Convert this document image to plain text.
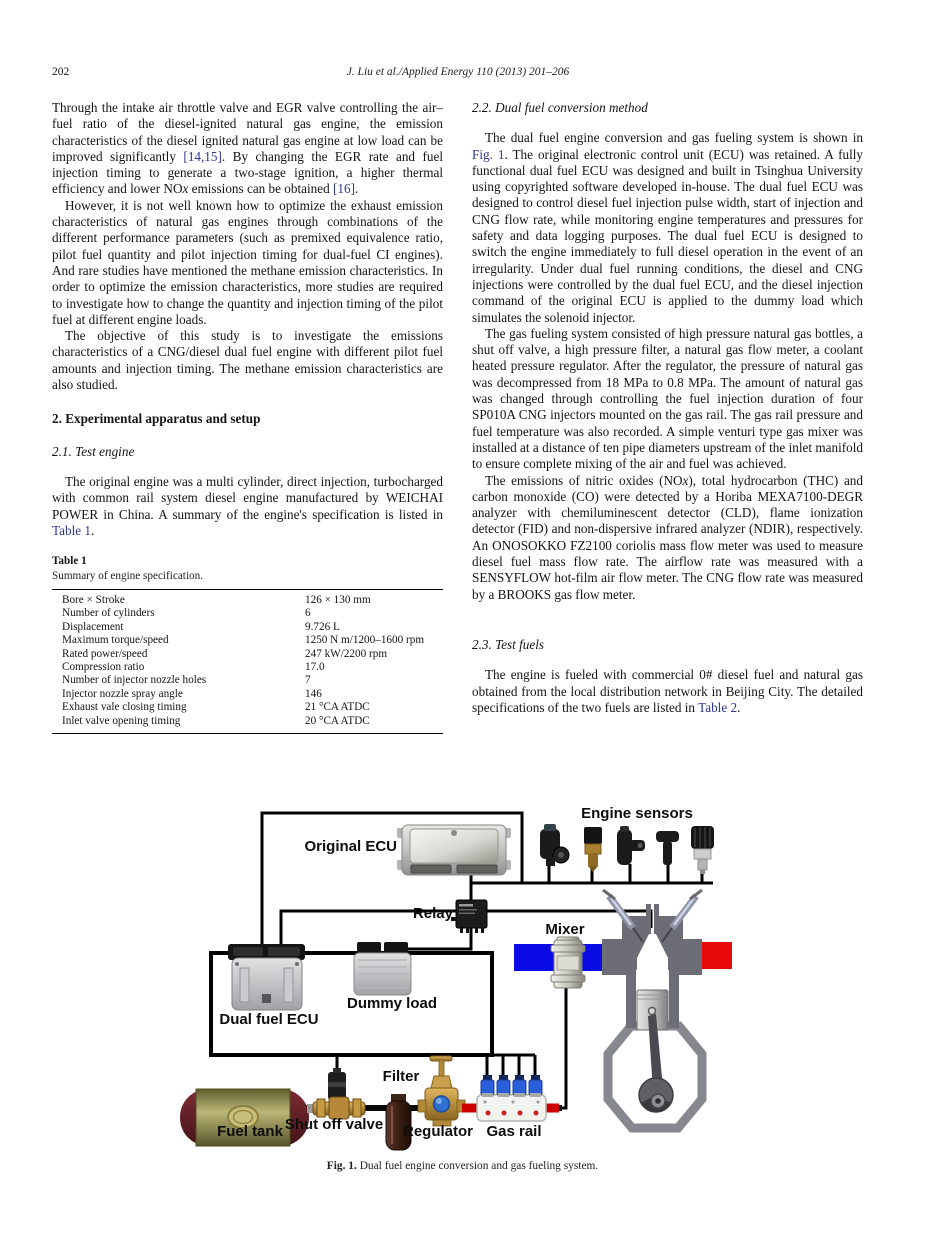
202	J. Liu et al./Applied Energy 110 (2013) 201–206

Through the intake air throttle valve and EGR valve controlling the air–fuel ratio of the diesel-ignited natural gas engine, the emission characteristics of the diesel ignited natural gas engine at low load can be improved significantly [14,15]. By changing the EGR rate and fuel injection timing to generate a two-stage ignition, a higher thermal efficiency and lower NOx emissions can be obtained [16].

However, it is not well known how to optimize the exhaust emission characteristics of natural gas engines through combinations of the different performance parameters (such as premixed equivalence ratio, pilot fuel quantity and pilot injection timing for dual-fuel CI engines). And rare studies have mentioned the methane emission characteristics. In order to optimize the emission characteristics, more studies are required to investigate how to change the quantity and injection timing of the pilot fuel at different engine loads.

The objective of this study is to investigate the emissions characteristics of a CNG/diesel dual fuel engine with different pilot fuel amounts and injection timing. The methane emission characteristics are also studied.

2. Experimental apparatus and setup
2.1. Test engine

The original engine was a multi cylinder, direct injection, turbocharged with common rail system diesel engine manufactured by WEICHAI POWER in China. A summary of the engine's specification is listed in Table 1.

Table 1
Summary of engine specification.
Bore × Stroke	126 × 130 mm
Number of cylinders	6
Displacement	9.726 L
Maximum torque/speed	1250 N m/1200–1600 rpm
Rated power/speed	247 kW/2200 rpm
Compression ratio	17.0
Number of injector nozzle holes	7
Injector nozzle spray angle	146
Exhaust vale closing timing	21 °CA ATDC
Inlet valve opening timing	20 °CA ATDC
2.2. Dual fuel conversion method

The dual fuel engine conversion and gas fueling system is shown in Fig. 1. The original electronic control unit (ECU) was retained. A fully functional dual fuel ECU was designed and built in Tsinghua University using copyrighted software developed in-house. The dual fuel ECU was designed to control diesel fuel injection pulse width, start of injection and CNG flow rate, while monitoring engine temperatures and pressures for safety and data logging purposes. The dual fuel ECU is designed to switch the engine immediately to full diesel operation in the event of an irregularity. Under dual fuel running conditions, the diesel and CNG injections were controlled by the dual fuel ECU, and the diesel injection command of the original ECU is applied to the dummy load which simulates the solenoid injector.

The gas fueling system consisted of high pressure natural gas bottles, a shut off valve, a high pressure filter, a natural gas flow meter, a coolant heated pressure regulator. After the regulator, the pressure of natural gas was decompressed from 18 MPa to 0.8 MPa. The amount of natural gas was changed through controlling the fuel injection duration of four SP010A CNG injectors mounted on the gas rail. The gas rail pressure and fuel temperature was also recorded. A simple venturi type gas mixer was installed at a distance of ten pipe diameters upstream of the inlet manifold to ensure complete mixing of the air and fuel was achieved.

The emissions of nitric oxides (NOx), total hydrocarbon (THC) and carbon monoxide (CO) were detected by a Horiba MEXA7100-DEGR analyzer with chemiluminescent detector (CLD), flame ionization detector (FID) and non-dispersive infrared analyzer (NDIR), respectively. An ONOSOKKO FZ2100 coriolis mass flow meter was used to measure diesel fuel mass flow rate. The airflow rate was measured with a SENSYFLOW hot-film air flow meter. The CNG flow rate was measured by a BROOKS gas flow meter.

2.3. Test fuels

The engine is fueled with commercial 0# diesel fuel and natural gas obtained from the local distribution network in Beijing City. The detailed specifications of the two fuels are listed in Table 2.

Engine sensors
Original ECU
Relay
Mixer
Dual fuel ECU
Dummy load
Filter
Fuel tank Shut off valve	Regulator Gas rail
Fig. 1. Dual fuel engine conversion and gas fueling system.
